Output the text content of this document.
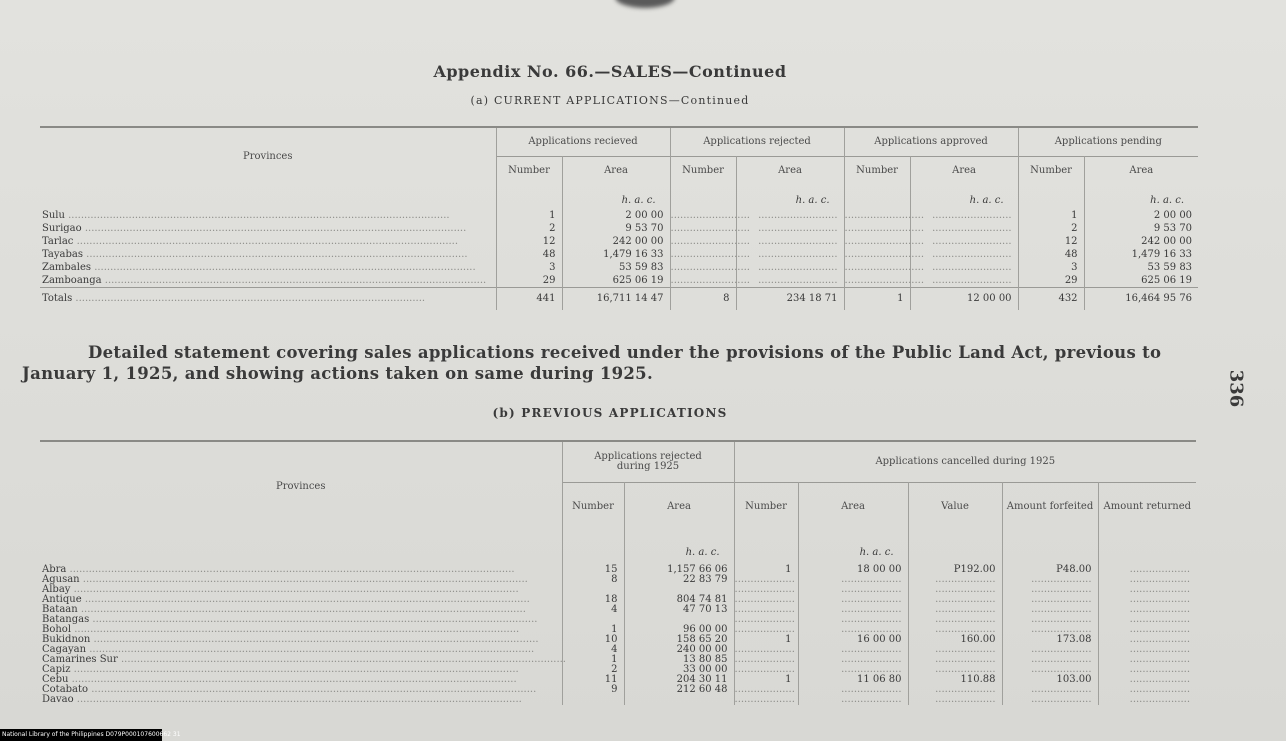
Appendix No. 66.—SALES—Continued
(a) CURRENT APPLICATIONS—Continued
Provinces	Applications recieved		Applications rejected		Applications approved		Applications pending	
	Number	Area	Number	Area	Number	Area	Number	Area
		h. a. c.		h. a. c.		h. a. c.		h. a. c.
Sulu ........................................................................................................................	1	2 00 00	.........................	.........................	.........................	.........................	1	2 00 00
Surigao ........................................................................................................................	2	9 53 70	.........................	.........................	.........................	.........................	2	9 53 70
Tarlac ........................................................................................................................	12	242 00 00	.........................	.........................	.........................	.........................	12	242 00 00
Tayabas ........................................................................................................................	48	1,479 16 33	.........................	.........................	.........................	.........................	48	1,479 16 33
Zambales ........................................................................................................................	3	53 59 83	.........................	.........................	.........................	.........................	3	53 59 83
Zamboanga ........................................................................................................................	29	625 06 19	.........................	.........................	.........................	.........................	29	625 06 19
Totals ..............................................................................................................	441	16,711 14 47	8	234 18 71	1	12 00 00	432	16,464 95 76
Detailed statement covering sales applications received under the provisions of the Public Land Act, previous to January 1, 1925, and showing actions taken on same during 1925.	336
(b) PREVIOUS APPLICATIONS
Provinces	Applications rejected during 1925		Applications cancelled during 1925				
	Number	Area	Number	Area	Value	Amount forfeited	Amount returned
		h. a. c.		h. a. c.			
Abra ............................................................................................................................................	15	1,157 66 06	1	18 00 00	P192.00	P48.00	...................
Agusan ............................................................................................................................................	8	22 83 79	...................	...................	...................	...................	...................
Albay ............................................................................................................................................			...................	...................	...................	...................	...................
Antique ............................................................................................................................................	18	804 74 81	...................	...................	...................	...................	...................
Bataan ............................................................................................................................................	4	47 70 13	...................	...................	...................	...................	...................
Batangas ............................................................................................................................................			...................	...................	...................	...................	...................
Bohol ............................................................................................................................................	1	96 00 00	...................	...................	...................	...................	...................
Bukidnon ............................................................................................................................................	10	158 65 20	1	16 00 00	160.00	173.08	...................
Cagayan ............................................................................................................................................	4	240 00 00	...................	...................	...................	...................	...................
Camarines Sur ............................................................................................................................................	1	13 80 85	...................	...................	...................	...................	...................
Capiz ............................................................................................................................................	2	33 00 00	...................	...................	...................	...................	...................
Cebu ............................................................................................................................................	11	204 30 11	1	11 06 80	110.88	103.00	...................
Cotabato ............................................................................................................................................	9	212 60 48	...................	...................	...................	...................	...................
Davao ............................................................................................................................................			...................	...................	...................	...................	...................
National Library of the Philippines D079P000107600662 31
